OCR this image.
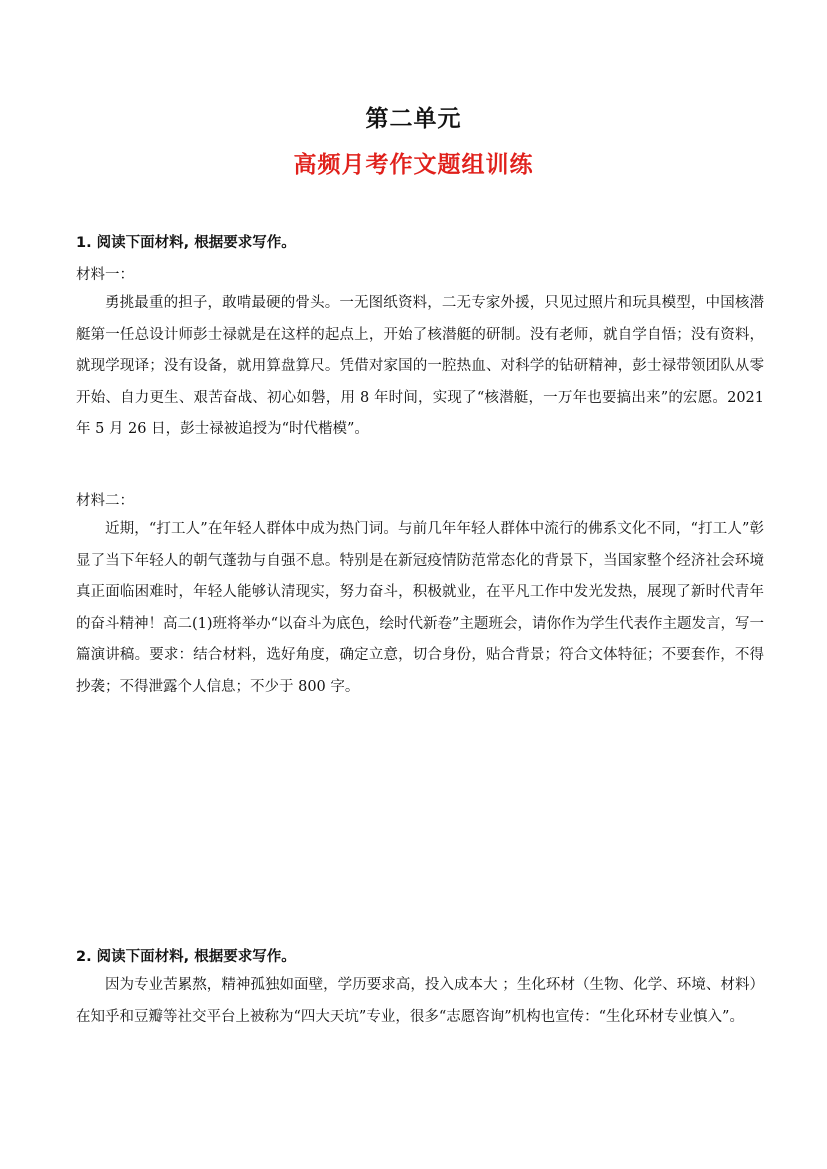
第二单元
高频月考作文题组训练
1. 阅读下面材料, 根据要求写作。
材料一：

勇挑最重的担子，敢啃最硬的骨头。一无图纸资料，二无专家外援，只见过照片和玩具模型，中国核潜艇第一任总设计师彭士禄就是在这样的起点上，开始了核潜艇的研制。没有老师，就自学自悟；没有资料，就现学现译；没有设备，就用算盘算尺。凭借对家国的一腔热血、对科学的钻研精神，彭士禄带领团队从零开始、自力更生、艰苦奋战、初心如磐，用 8 年时间，实现了“核潜艇，一万年也要搞出来”的宏愿。2021 年 5 月 26 日，彭士禄被追授为“时代楷模”。

材料二：

近期，“打工人”在年轻人群体中成为热门词。与前几年年轻人群体中流行的佛系文化不同，“打工人”彰显了当下年轻人的朝气蓬勃与自强不息。特别是在新冠疫情防范常态化的背景下，当国家整个经济社会环境真正面临困难时，年轻人能够认清现实，努力奋斗，积极就业，在平凡工作中发光发热，展现了新时代青年的奋斗精神！高二(1)班将举办“以奋斗为底色，绘时代新卷”主题班会，请你作为学生代表作主题发言，写一篇演讲稿。要求：结合材料，选好角度，确定立意，切合身份，贴合背景；符合文体特征；不要套作，不得抄袭；不得泄露个人信息；不少于 800 字。

2. 阅读下面材料, 根据要求写作。

因为专业苦累熬，精神孤独如面壁，学历要求高，投入成本大 ；生化环材（生物、化学、环境、材料）在知乎和豆瓣等社交平台上被称为“四大天坑”专业，很多“志愿咨询”机构也宣传：“生化环材专业慎入”。
